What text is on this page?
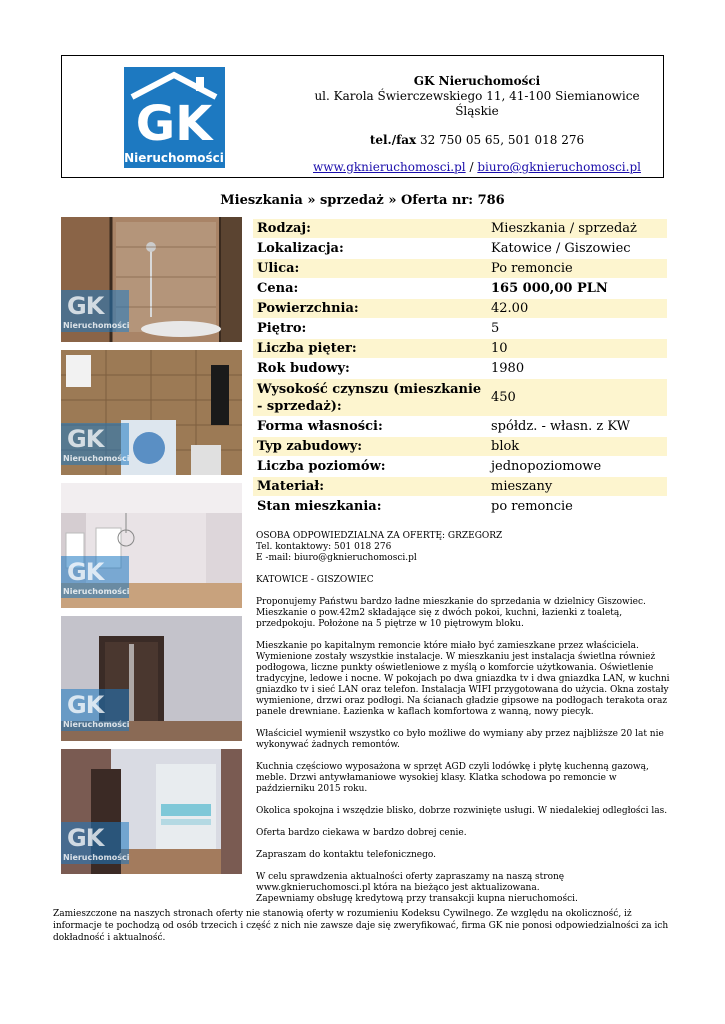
GK
Nieruchomości
GK Nieruchomości
ul. Karola Świerczewskiego 11, 41-100 Siemianowice Śląskie
tel./fax 32 750 05 65, 501 018 276
www.gknieruchomosci.pl / biuro@gknieruchomosci.pl
Mieszkania » sprzedaż » Oferta nr: 786
GK
Nieruchomości
GK
Nieruchomości
GK
Nieruchomości
GK
Nieruchomości
GK
Nieruchomości
Rodzaj:	Mieszkania / sprzedaż
Lokalizacja:	Katowice / Giszowiec
Ulica:	Po remoncie
Cena:	165 000,00 PLN
Powierzchnia:	42.00
Piętro:	5
Liczba pięter:	10
Rok budowy:	1980
Wysokość czynszu (mieszkanie - sprzedaż):	450
Forma własności:	spółdz. - własn. z KW
Typ zabudowy:	blok
Liczba poziomów:	jednopoziomowe
Materiał:	mieszany
Stan mieszkania:	po remoncie

OSOBA ODPOWIEDZIALNA ZA OFERTĘ: GRZEGORZ
Tel. kontaktowy: 501 018 276
E -mail: biuro@gknieruchomosci.pl

KATOWICE - GISZOWIEC

Proponujemy Państwu bardzo ładne mieszkanie do sprzedania w dzielnicy Giszowiec. Mieszkanie o pow.42m2 składające się z dwóch pokoi, kuchni, łazienki z toaletą, przedpokoju. Położone na 5 piętrze w 10 piętrowym bloku.

Mieszkanie po kapitalnym remoncie które miało być zamieszkane przez właściciela. Wymienione zostały wszystkie instalacje. W mieszkaniu jest instalacja świetlna również podłogowa, liczne punkty oświetleniowe z myślą o komforcie użytkowania. Oświetlenie tradycyjne, ledowe i nocne. W pokojach po dwa gniazdka tv i dwa gniazdka LAN, w kuchni gniazdko tv i sieć LAN oraz telefon. Instalacja WIFI przygotowana do użycia. Okna zostały wymienione, drzwi oraz podłogi. Na ścianach gładzie gipsowe na podłogach terakota oraz panele drewniane. Łazienka w kaflach komfortowa z wanną, nowy piecyk.

Właściciel wymienił wszystko co było możliwe do wymiany aby przez najbliższe 20 lat nie wykonywać żadnych remontów.

Kuchnia częściowo wyposażona w sprzęt AGD czyli lodówkę i płytę kuchenną gazową, meble. Drzwi antywłamaniowe wysokiej klasy. Klatka schodowa po remoncie w październiku 2015 roku.

Okolica spokojna i wszędzie blisko, dobrze rozwinięte usługi. W niedalekiej odległości las.

Oferta bardzo ciekawa w bardzo dobrej cenie.

Zapraszam do kontaktu telefonicznego.

W celu sprawdzenia aktualności oferty zapraszamy na naszą stronę www.gknieruchomosci.pl która na bieżąco jest aktualizowana.

Zapewniamy obsługę kredytową przy transakcji kupna nieruchomości.

Zamieszczone na naszych stronach oferty nie stanowią oferty w rozumieniu Kodeksu Cywilnego. Ze względu na okoliczność, iż informacje te pochodzą od osób trzecich i część z nich nie zawsze daje się zweryfikować, firma GK nie ponosi odpowiedzialności za ich dokładność i aktualność.
